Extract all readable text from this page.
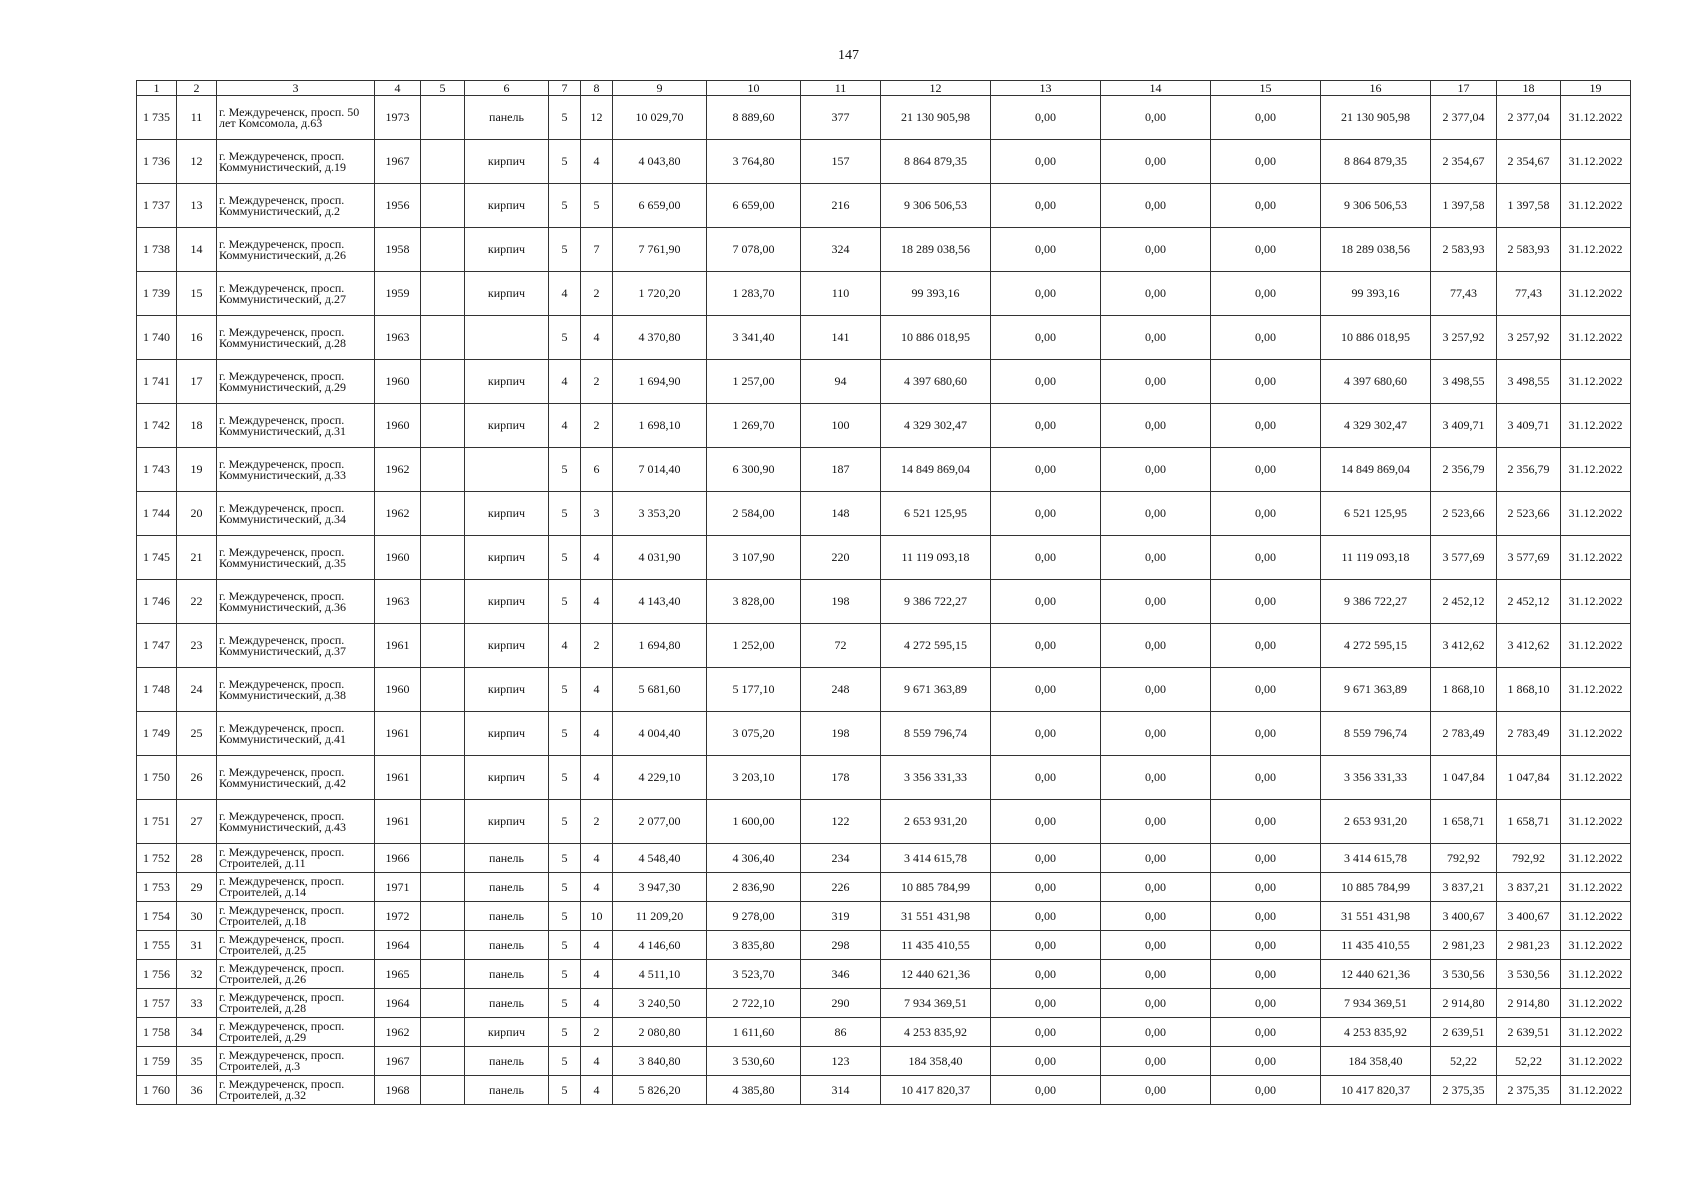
147
1	2	3	4	5	6	7	8	9	10	11	12	13	14	15	16	17	18	19
1 735	11	г. Междуреченск, просп. 50 лет Комсомола, д.63	1973		панель	5	12	10 029,70	8 889,60	377	21 130 905,98	0,00	0,00	0,00	21 130 905,98	2 377,04	2 377,04	31.12.2022
1 736	12	г. Междуреченск, просп. Коммунистический, д.19	1967		кирпич	5	4	4 043,80	3 764,80	157	8 864 879,35	0,00	0,00	0,00	8 864 879,35	2 354,67	2 354,67	31.12.2022
1 737	13	г. Междуреченск, просп. Коммунистический, д.2	1956		кирпич	5	5	6 659,00	6 659,00	216	9 306 506,53	0,00	0,00	0,00	9 306 506,53	1 397,58	1 397,58	31.12.2022
1 738	14	г. Междуреченск, просп. Коммунистический, д.26	1958		кирпич	5	7	7 761,90	7 078,00	324	18 289 038,56	0,00	0,00	0,00	18 289 038,56	2 583,93	2 583,93	31.12.2022
1 739	15	г. Междуреченск, просп. Коммунистический, д.27	1959		кирпич	4	2	1 720,20	1 283,70	110	99 393,16	0,00	0,00	0,00	99 393,16	77,43	77,43	31.12.2022
1 740	16	г. Междуреченск, просп. Коммунистический, д.28	1963			5	4	4 370,80	3 341,40	141	10 886 018,95	0,00	0,00	0,00	10 886 018,95	3 257,92	3 257,92	31.12.2022
1 741	17	г. Междуреченск, просп. Коммунистический, д.29	1960		кирпич	4	2	1 694,90	1 257,00	94	4 397 680,60	0,00	0,00	0,00	4 397 680,60	3 498,55	3 498,55	31.12.2022
1 742	18	г. Междуреченск, просп. Коммунистический, д.31	1960		кирпич	4	2	1 698,10	1 269,70	100	4 329 302,47	0,00	0,00	0,00	4 329 302,47	3 409,71	3 409,71	31.12.2022
1 743	19	г. Междуреченск, просп. Коммунистический, д.33	1962			5	6	7 014,40	6 300,90	187	14 849 869,04	0,00	0,00	0,00	14 849 869,04	2 356,79	2 356,79	31.12.2022
1 744	20	г. Междуреченск, просп. Коммунистический, д.34	1962		кирпич	5	3	3 353,20	2 584,00	148	6 521 125,95	0,00	0,00	0,00	6 521 125,95	2 523,66	2 523,66	31.12.2022
1 745	21	г. Междуреченск, просп. Коммунистический, д.35	1960		кирпич	5	4	4 031,90	3 107,90	220	11 119 093,18	0,00	0,00	0,00	11 119 093,18	3 577,69	3 577,69	31.12.2022
1 746	22	г. Междуреченск, просп. Коммунистический, д.36	1963		кирпич	5	4	4 143,40	3 828,00	198	9 386 722,27	0,00	0,00	0,00	9 386 722,27	2 452,12	2 452,12	31.12.2022
1 747	23	г. Междуреченск, просп. Коммунистический, д.37	1961		кирпич	4	2	1 694,80	1 252,00	72	4 272 595,15	0,00	0,00	0,00	4 272 595,15	3 412,62	3 412,62	31.12.2022
1 748	24	г. Междуреченск, просп. Коммунистический, д.38	1960		кирпич	5	4	5 681,60	5 177,10	248	9 671 363,89	0,00	0,00	0,00	9 671 363,89	1 868,10	1 868,10	31.12.2022
1 749	25	г. Междуреченск, просп. Коммунистический, д.41	1961		кирпич	5	4	4 004,40	3 075,20	198	8 559 796,74	0,00	0,00	0,00	8 559 796,74	2 783,49	2 783,49	31.12.2022
1 750	26	г. Междуреченск, просп. Коммунистический, д.42	1961		кирпич	5	4	4 229,10	3 203,10	178	3 356 331,33	0,00	0,00	0,00	3 356 331,33	1 047,84	1 047,84	31.12.2022
1 751	27	г. Междуреченск, просп. Коммунистический, д.43	1961		кирпич	5	2	2 077,00	1 600,00	122	2 653 931,20	0,00	0,00	0,00	2 653 931,20	1 658,71	1 658,71	31.12.2022
1 752	28	г. Междуреченск, просп. Строителей, д.11	1966		панель	5	4	4 548,40	4 306,40	234	3 414 615,78	0,00	0,00	0,00	3 414 615,78	792,92	792,92	31.12.2022
1 753	29	г. Междуреченск, просп. Строителей, д.14	1971		панель	5	4	3 947,30	2 836,90	226	10 885 784,99	0,00	0,00	0,00	10 885 784,99	3 837,21	3 837,21	31.12.2022
1 754	30	г. Междуреченск, просп. Строителей, д.18	1972		панель	5	10	11 209,20	9 278,00	319	31 551 431,98	0,00	0,00	0,00	31 551 431,98	3 400,67	3 400,67	31.12.2022
1 755	31	г. Междуреченск, просп. Строителей, д.25	1964		панель	5	4	4 146,60	3 835,80	298	11 435 410,55	0,00	0,00	0,00	11 435 410,55	2 981,23	2 981,23	31.12.2022
1 756	32	г. Междуреченск, просп. Строителей, д.26	1965		панель	5	4	4 511,10	3 523,70	346	12 440 621,36	0,00	0,00	0,00	12 440 621,36	3 530,56	3 530,56	31.12.2022
1 757	33	г. Междуреченск, просп. Строителей, д.28	1964		панель	5	4	3 240,50	2 722,10	290	7 934 369,51	0,00	0,00	0,00	7 934 369,51	2 914,80	2 914,80	31.12.2022
1 758	34	г. Междуреченск, просп. Строителей, д.29	1962		кирпич	5	2	2 080,80	1 611,60	86	4 253 835,92	0,00	0,00	0,00	4 253 835,92	2 639,51	2 639,51	31.12.2022
1 759	35	г. Междуреченск, просп. Строителей, д.3	1967		панель	5	4	3 840,80	3 530,60	123	184 358,40	0,00	0,00	0,00	184 358,40	52,22	52,22	31.12.2022
1 760	36	г. Междуреченск, просп. Строителей, д.32	1968		панель	5	4	5 826,20	4 385,80	314	10 417 820,37	0,00	0,00	0,00	10 417 820,37	2 375,35	2 375,35	31.12.2022
